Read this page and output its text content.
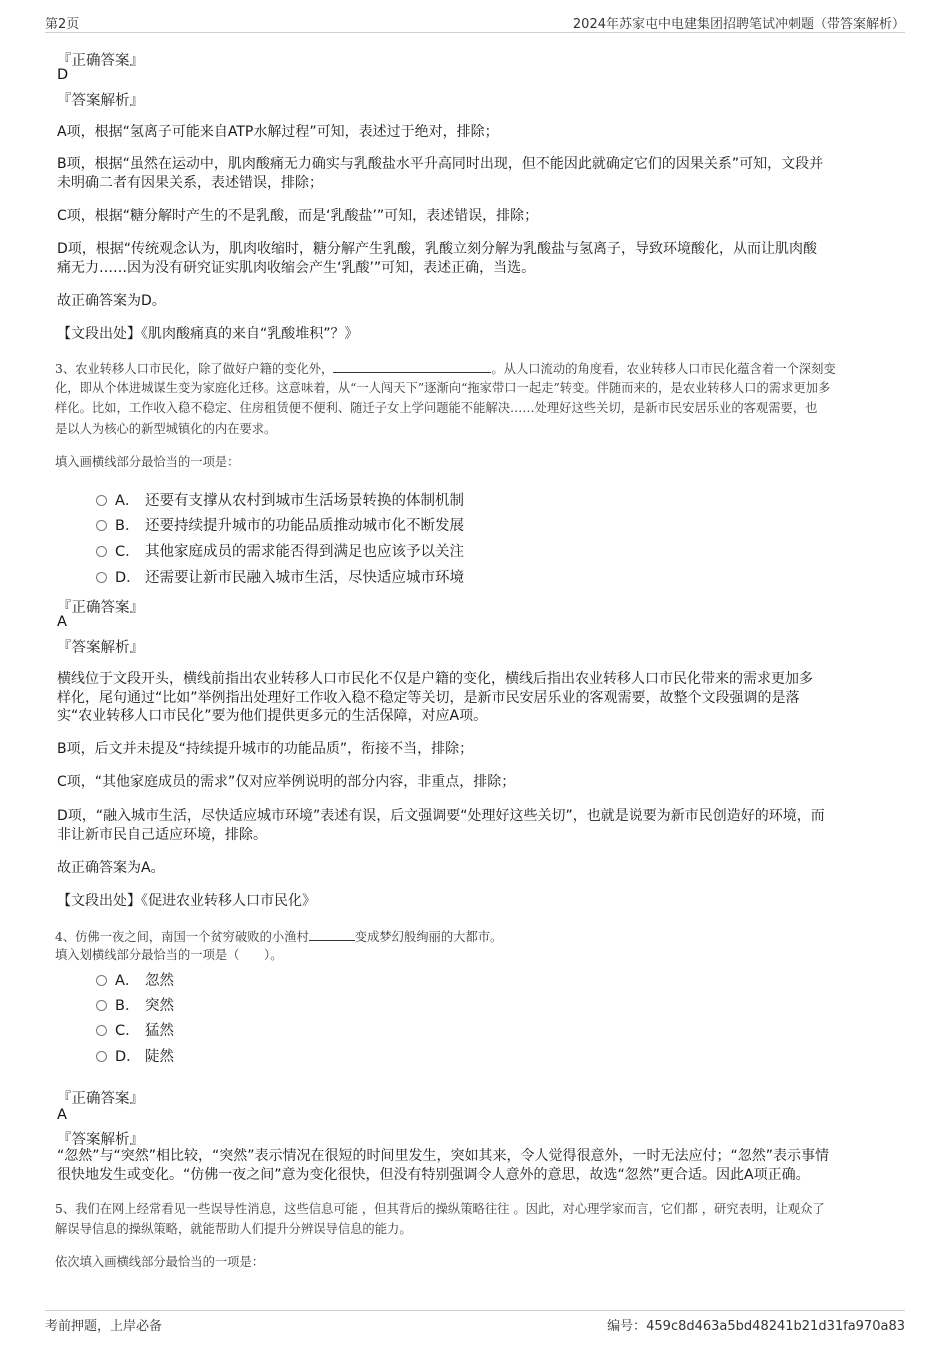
第2页	2024年苏家屯中电建集团招聘笔试冲刺题（带答案解析）
『正确答案』
D
『答案解析』
A项，根据“氢离子可能来自ATP水解过程”可知，表述过于绝对，排除；
B项，根据“虽然在运动中，肌肉酸痛无力确实与乳酸盐水平升高同时出现，但不能因此就确定它们的因果关系”可知，文段并
未明确二者有因果关系，表述错误，排除；
C项，根据“糖分解时产生的不是乳酸，而是‘乳酸盐’”可知，表述错误，排除；
D项，根据“传统观念认为，肌肉收缩时，糖分解产生乳酸，乳酸立刻分解为乳酸盐与氢离子，导致环境酸化，从而让肌肉酸
痛无力……因为没有研究证实肌肉收缩会产生‘乳酸’”可知，表述正确，当选。
故正确答案为D。
【文段出处】《肌肉酸痛真的来自“乳酸堆积”？》
3、农业转移人口市民化，除了做好户籍的变化外，	。从人口流动的角度看，农业转移人口市民化蕴含着一个深刻变
化，即从个体进城谋生变为家庭化迁移。这意味着，从“一人闯天下”逐渐向“拖家带口一起走”转变。伴随而来的，是农业转移人口的需求更加多
样化。比如，工作收入稳不稳定、住房租赁便不便利、随迁子女上学问题能不能解决……处理好这些关切，是新市民安居乐业的客观需要，也
是以人为核心的新型城镇化的内在要求。
填入画横线部分最恰当的一项是：
A． 还要有支撑从农村到城市生活场景转换的体制机制
B． 还要持续提升城市的功能品质推动城市化不断发展
C． 其他家庭成员的需求能否得到满足也应该予以关注
D． 还需要让新市民融入城市生活，尽快适应城市环境
『正确答案』
A
『答案解析』
横线位于文段开头，横线前指出农业转移人口市民化不仅是户籍的变化，横线后指出农业转移人口市民化带来的需求更加多
样化，尾句通过“比如”举例指出处理好工作收入稳不稳定等关切，是新市民安居乐业的客观需要，故整个文段强调的是落
实“农业转移人口市民化”要为他们提供更多元的生活保障，对应A项。
B项，后文并未提及“持续提升城市的功能品质”，衔接不当，排除；
C项，“其他家庭成员的需求”仅对应举例说明的部分内容，非重点，排除；
D项，“融入城市生活，尽快适应城市环境”表述有误，后文强调要“处理好这些关切”，也就是说要为新市民创造好的环境，而
非让新市民自己适应环境，排除。
故正确答案为A。
【文段出处】《促进农业转移人口市民化》
4、仿佛一夜之间，南国一个贫穷破败的小渔村	变成梦幻般绚丽的大都市。
填入划横线部分最恰当的一项是（　　）。
A． 忽然
B． 突然
C． 猛然
D． 陡然
『正确答案』
A
『答案解析』
“忽然”与“突然”相比较，“突然”表示情况在很短的时间里发生，突如其来，令人觉得很意外，一时无法应付；“忽然”表示事情
很快地发生或变化。“仿佛一夜之间”意为变化很快，但没有特别强调令人意外的意思，故选“忽然”更合适。因此A项正确。
5、我们在网上经常看见一些误导性消息，这些信息可能 ，但其背后的操纵策略往往 。因此，对心理学家而言，它们都 ，研究表明，让观众了
解误导信息的操纵策略，就能帮助人们提升分辨误导信息的能力。
依次填入画横线部分最恰当的一项是：
考前押题，上岸必备	编号：459c8d463a5bd48241b21d31fa970a83
